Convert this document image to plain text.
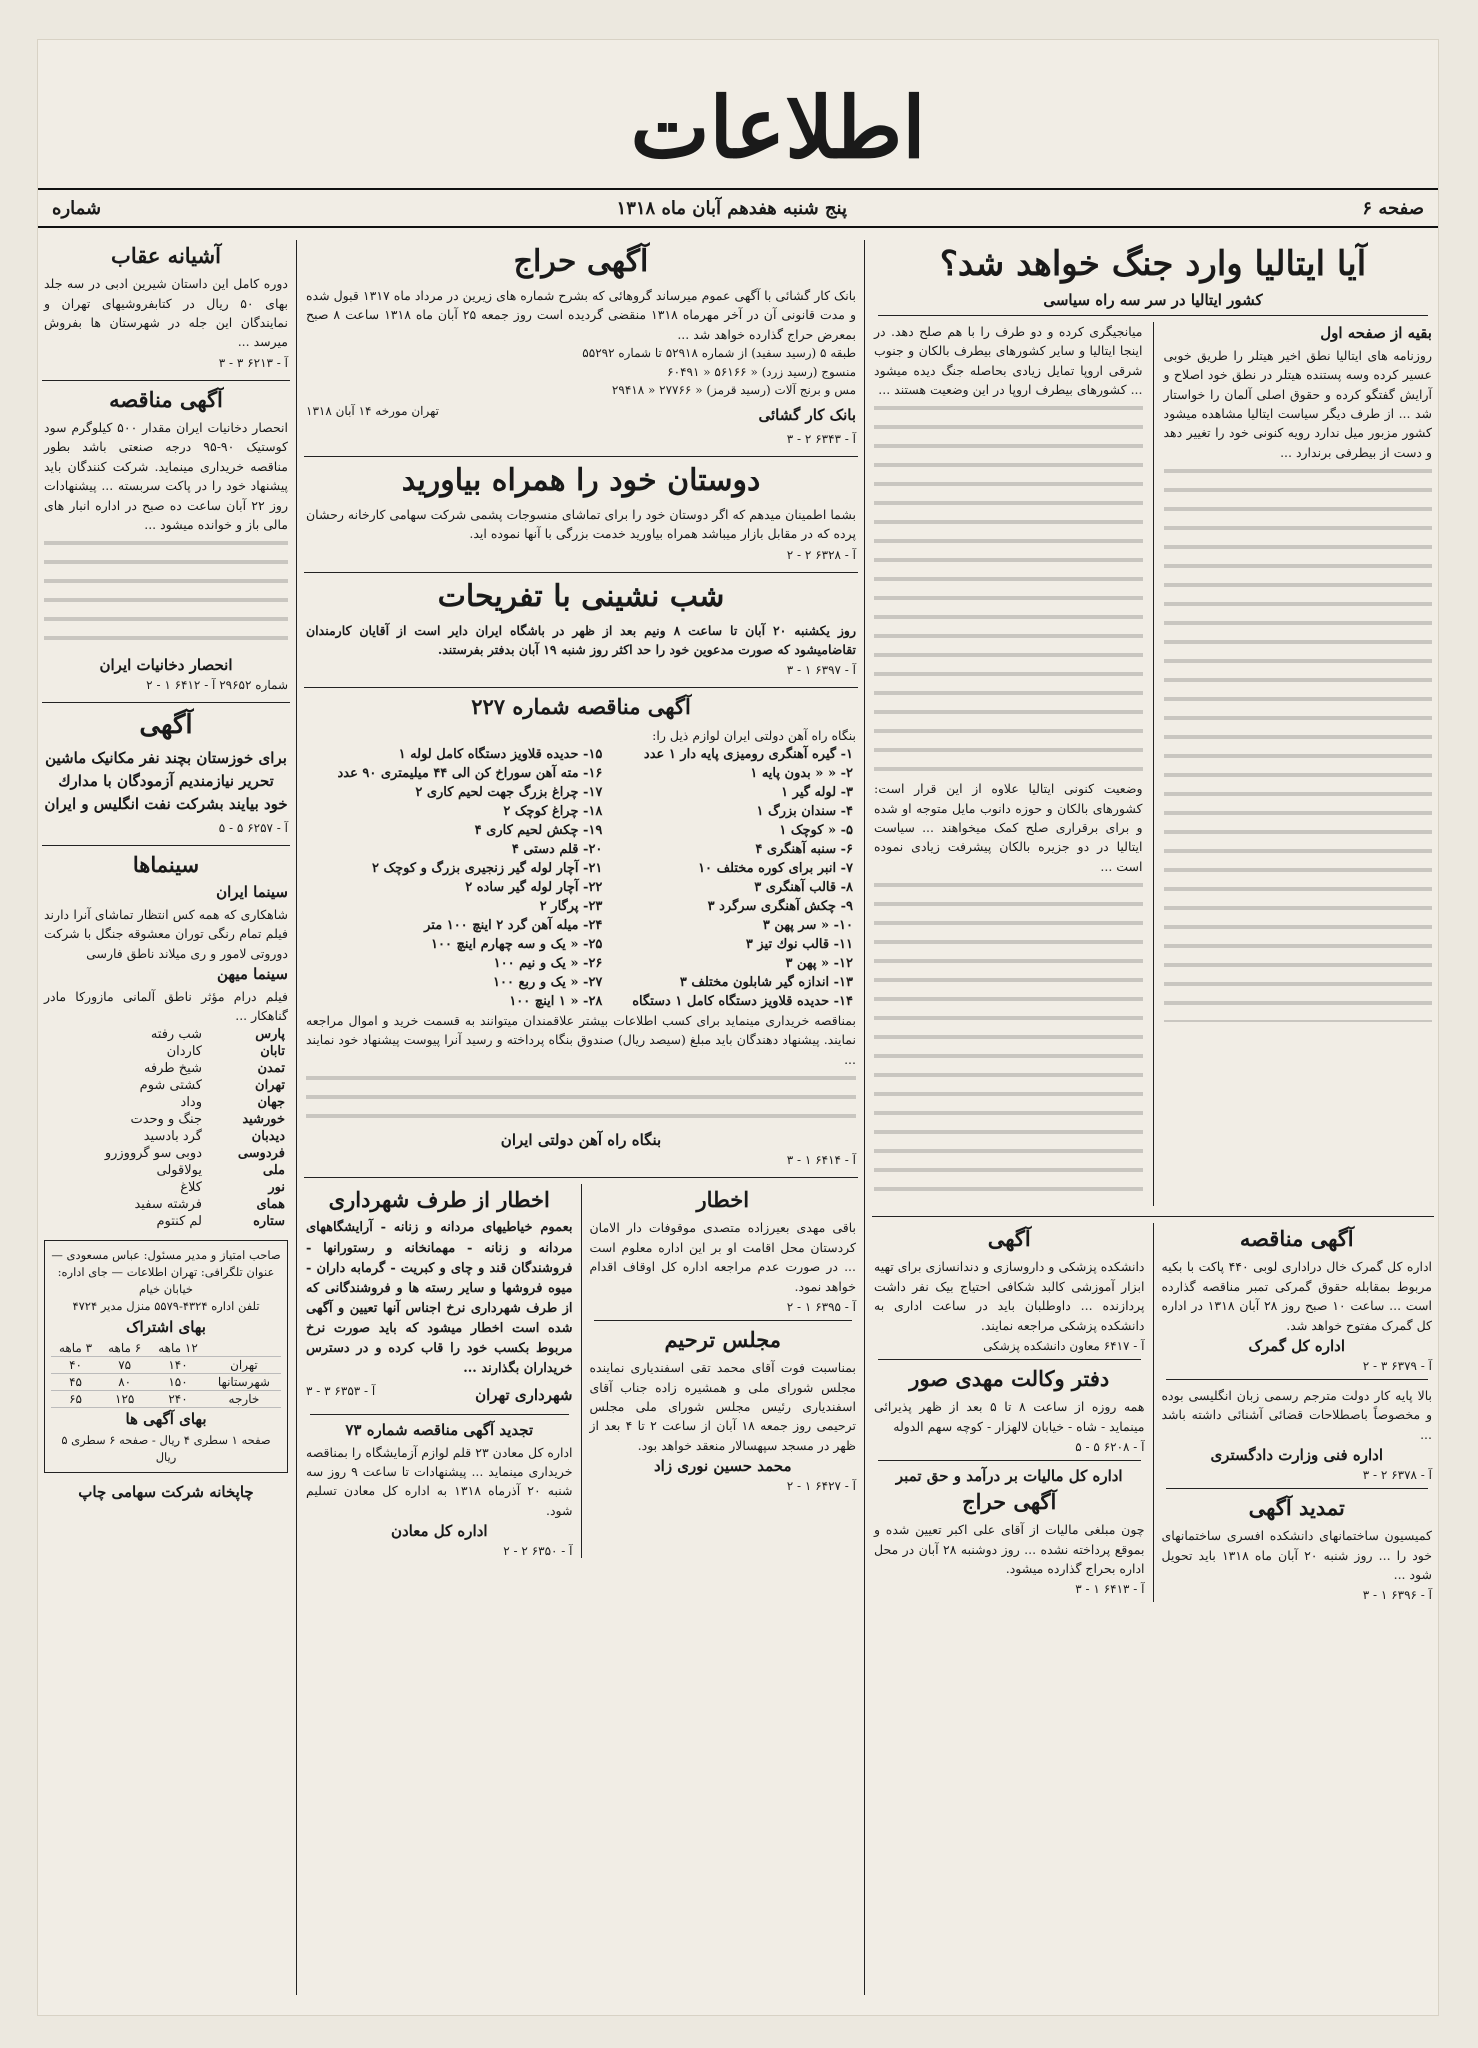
اطلاعات
صفحه ۶
پنج شنبه هفدهم آبان ماه ۱۳۱۸
شماره
آیا ایتالیا وارد جنگ خواهد شد؟
کشور ایتالیا در سر سه راه سیاسی
بقیه از صفحه اول
روزنامه های ایتالیا نطق اخیر هیتلر را طریق خوبی عسیر کرده وسه پستنده هیتلر در نطق خود اصلاح و آرایش گفتگو کرده و حقوق اصلی آلمان را خواستار شد ... از طرف دیگر سیاست ایتالیا مشاهده میشود کشور مزبور میل ندارد رویه کنونی خود را تغییر دهد و دست از بیطرفی برندارد ...
میانجیگری کرده و دو طرف را با هم صلح دهد. در اینجا ایتالیا و سایر کشورهای بیطرف بالکان و جنوب شرقی اروپا تمایل زیادی بحاصله جنگ دیده میشود ... کشورهای بیطرف اروپا در این وضعیت هستند ...
وضعیت کنونی ایتالیا علاوه از این قرار است: کشورهای بالکان و حوزه دانوب مایل متوجه او شده و برای برقراری صلح کمک میخواهند ... سیاست ایتالیا در دو جزیره بالکان پیشرفت زیادی نموده است ...
آگهی مناقصه
اداره کل گمرک خال دراداری لوبی ۴۴۰ پاکت با بکیه مربوط بمقابله حقوق گمرکی تمبر مناقصه گذارده است ... ساعت ۱۰ صبح روز ۲۸ آبان ۱۳۱۸ در اداره کل گمرک مفتوح خواهد شد.
اداره کل گمرک
آ - ۶۳۷۹ ۳ - ۲
بالا پایه کار دولت مترجم رسمی زبان انگلیسی بوده و مخصوصاً باصطلاحات قضائی آشنائی داشته باشد ...
اداره فنی وزارت دادگستری
آ - ۶۳۷۸ ۲ - ۳
تمدید آگهی
کمیسیون ساختمانهای دانشکده افسری ساختمانهای خود را ... روز شنبه ۲۰ آبان ماه ۱۳۱۸ باید تحویل شود ...
آ - ۶۳۹۶ ۱ - ۳
آگهی
دانشکده پزشکی و داروسازی و دندانسازی برای تهیه ابزار آموزشی کالبد شکافی احتیاج بیک نفر داشت پردازنده ... داوطلبان باید در ساعت اداری به دانشکده پزشکی مراجعه نمایند.
آ - ۶۴۱۷ معاون دانشکده پزشکی
دفتر وکالت مهدی صور
همه روزه از ساعت ۸ تا ۵ بعد از ظهر پذیرائی مینماید - شاه - خیابان لالهزار - کوچه سهم الدوله
آ - ۶۲۰۸ ۵ - ۵
اداره کل مالیات بر درآمد و حق تمبر
آگهی حراج
چون مبلغی مالیات از آقای علی اکبر تعیین شده و بموقع پرداخته نشده ... روز دوشنبه ۲۸ آبان در محل اداره بحراج گذارده میشود.
آ - ۶۴۱۳ ۱ - ۳
آگهی حراج
بانک کار گشائی با آگهی عموم میرساند گروهائی که بشرح شماره های زیرین در مرداد ماه ۱۳۱۷ قبول شده و مدت قانونی آن در آخر مهرماه ۱۳۱۸ منقضی گردیده است روز جمعه ۲۵ آبان ماه ۱۳۱۸ ساعت ۸ صبح بمعرض حراج گذارده خواهد شد ...
طبقه ۵ (رسید سفید) از شماره ۵۲۹۱۸ تا شماره ۵۵۲۹۲
منسوج (رسید زرد) « ۵۶۱۶۶ « ۶۰۴۹۱
مس و برنج آلات (رسید قرمز) « ۲۷۷۶۶ « ۲۹۴۱۸
بانک کار گشائی
تهران مورخه ۱۴ آبان ۱۳۱۸
آ - ۶۳۴۳ ۲ - ۳
دوستان خود را همراه بیاورید
بشما اطمینان میدهم که اگر دوستان خود را برای تماشای منسوجات پشمی شرکت سهامی کارخانه رحشان پرده که در مقابل بازار میباشد همراه بیاورید خدمت بزرگی با آنها نموده اید.
آ - ۶۳۲۸ ۲ - ۲
شب نشینی با تفریحات
روز یکشنبه ۲۰ آبان تا ساعت ۸ ونیم بعد از ظهر در باشگاه ایران دایر است از آقایان کارمندان تقاضامیشود که صورت مدعوین خود را حد اکثر روز شنبه ۱۹ آبان بدفتر بفرستند.
آ - ۶۳۹۷ ۱ - ۳
آگهی مناقصه شماره ۲۲۷
بنگاه راه آهن دولتی ایران لوازم ذیل را:
۱- گیره آهنگری رومیزی پایه دار ۱ عدد	۱۵- حدیده قلاویز دستگاه کامل لوله ۱
۲- « « بدون پایه ۱	۱۶- مته آهن سوراخ کن الی ۴۴ میلیمتری ۹۰ عدد
۳- لوله گیر ۱	۱۷- چراغ بزرگ جهت لحیم کاری ۲
۴- سندان بزرگ ۱	۱۸- چراغ کوچک ۲
۵- « کوچک ۱	۱۹- چکش لحیم کاری ۴
۶- سنبه آهنگری ۴	۲۰- قلم دستی ۴
۷- انبر برای کوره مختلف ۱۰	۲۱- آچار لوله گیر زنجیری بزرگ و کوچک ۲
۸- قالب آهنگری ۳	۲۲- آچار لوله گیر ساده ۲
۹- چکش آهنگری سرگرد ۳	۲۳- پرگار ۲
۱۰- « سر پهن ۳	۲۴- میله آهن گرد ۲ اینچ ۱۰۰ متر
۱۱- قالب نوك تیز ۳	۲۵- « یک و سه چهارم اینچ ۱۰۰
۱۲- « پهن ۳	۲۶- « یک و نیم ۱۰۰
۱۳- اندازه گیر شابلون مختلف ۳	۲۷- « یک و ربع ۱۰۰
۱۴- حدیده قلاویز دستگاه کامل ۱ دستگاه	۲۸- « ۱ اینچ ۱۰۰
بمناقصه خریداری مینماید برای کسب اطلاعات بیشتر علاقمندان میتوانند به قسمت خرید و اموال مراجعه نمایند. پیشنهاد دهندگان باید مبلغ (سیصد ریال) صندوق بنگاه پرداخته و رسید آنرا پیوست پیشنهاد خود نمایند ...
بنگاه راه آهن دولتی ایران
آ - ۶۴۱۴ ۱ - ۳
اخطار
باقی مهدی بعیرزاده متصدی موقوفات دار الامان کردستان محل اقامت او بر این اداره معلوم است ... در صورت عدم مراجعه اداره کل اوقاف اقدام خواهد نمود.
آ - ۶۳۹۵ ۱ - ۲
مجلس ترحیم
بمناسبت فوت آقای محمد تقی اسفندیاری نماینده مجلس شورای ملی و همشیره زاده جناب آقای اسفندیاری رئیس مجلس شورای ملی مجلس ترحیمی روز جمعه ۱۸ آبان از ساعت ۲ تا ۴ بعد از ظهر در مسجد سپهسالار منعقد خواهد بود.
محمد حسین نوری زاد
آ - ۶۴۲۷ ۱ - ۲
اخطار از طرف شهرداری
بعموم خیاطیهای مردانه و زنانه - آرایشگاههای مردانه و زنانه - مهمانخانه و رستورانها - فروشندگان قند و چای و کبریت - گرمابه داران - میوه فروشها و سایر رسته ها و فروشندگانی که از طرف شهرداری نرخ اجناس آنها تعیین و آگهی شده است اخطار میشود که باید صورت نرخ مربوط بکسب خود را قاب کرده و در دسترس خریداران بگذارند ...
شهرداری تهران
آ - ۶۳۵۳ ۳ - ۳
تجدید آگهی مناقصه شماره ۷۳
اداره کل معادن ۲۳ قلم لوازم آزمایشگاه را بمناقصه خریداری مینماید ... پیشنهادات تا ساعت ۹ روز سه شنبه ۲۰ آذرماه ۱۳۱۸ به اداره کل معادن تسلیم شود.
اداره کل معادن
آ - ۶۳۵۰ ۲ - ۲
آشیانه عقاب
دوره کامل این داستان شیرین ادبی در سه جلد بهای ۵۰ ریال در کتابفروشیهای تهران و نمایندگان این جله در شهرستان ها بفروش میرسد ...
آ - ۶۲۱۳ ۳ - ۳
آگهی مناقصه
انحصار دخانیات ایران مقدار ۵۰۰ کیلوگرم سود کوستیک ۹۰-۹۵ درجه صنعتی باشد بطور مناقصه خریداری مینماید. شرکت کنندگان باید پیشنهاد خود را در پاکت سربسته ... پیشنهادات روز ۲۲ آبان ساعت ده صبح در اداره انبار های مالی باز و خوانده میشود ...
انحصار دخانیات ایران
شماره ۲۹۶۵۲ آ - ۶۴۱۲ ۱ - ۲
آگهی
برای خوزستان بچند نفر مکانیک ماشین تحریر نیازمندیم آزمودگان با مدارك خود بیایند بشرکت نفت انگلیس و ایران
آ - ۶۲۵۷ ۵ - ۵
سینماها
سینما ایران
شاهکاری که همه کس انتظار تماشای آنرا دارند فیلم تمام رنگی توران معشوقه جنگل با شرکت دوروتی لامور و ری میلاند ناطق فارسی
سینما میهن
فیلم درام مؤثر ناطق آلمانی مازورکا مادر گناهکار ...
پارس	شب رفته
تابان	کاردان
تمدن	شیخ طرفه
تهران	کشتی شوم
جهان	وداد
خورشید	جنگ و وحدت
دیدبان	گرد بادسید
فردوسی	دوبی سو گرووزرو
ملی	یولاقولی
نور	کلاغ
همای	فرشته سفید
ستاره	لم کنتوم
صاحب امتیاز و مدیر مسئول: عباس مسعودی — عنوان تلگرافی: تهران اطلاعات — جای اداره: خیابان خیام
تلفن اداره ۴۳۲۴-۵۵۷۹ منزل مدیر ۴۷۲۴
بهای اشتراک
	۱۲ ماهه	۶ ماهه	۳ ماهه
تهران	۱۴۰	۷۵	۴۰
شهرستانها	۱۵۰	۸۰	۴۵
خارجه	۲۴۰	۱۲۵	۶۵
بهای آگهی ها
صفحه ۱ سطری ۴ ریال - صفحه ۶ سطری ۵ ریال
چاپخانه شرکت سهامی چاپ
